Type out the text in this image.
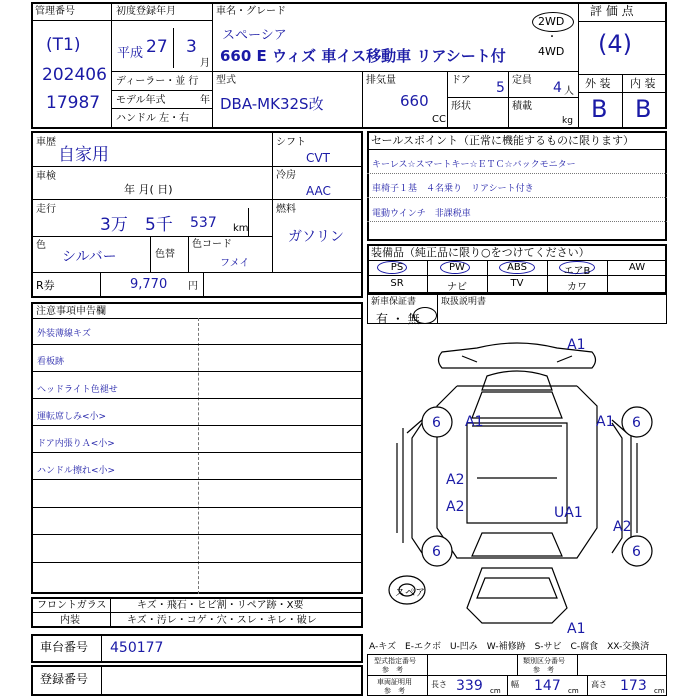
管理番号
(T1)
202406
17987
初度登録年月
平成 27 3
月
車名・グレード
スペーシア
660 E ウィズ 車イス移動車 リアシート付
2WD
・
4WD
評 価 点
(4)
外 装 内 装
B B
ディーラー・並 行
モデル年式	年
ハンドル 左・右
型式
DBA-MK32S改
排気量
660
CC
ドア 5 定員 4 人
形状	積載
kg
車歴
自家用
車検
年 月( 日)
走行
3万 5千 537 km
色
シルバー	色替
色コード
フメイ
シフト
CVT
冷房
AAC
燃料
ガソリン
R券	9,770 円
セールスポイント（正常に機能するものに限ります）
キーレス☆スマートキー☆ＥＴＣ☆バックモニター
車椅子１基　４名乗り　リアシート付き
電動ウインチ　非課税車
装備品（純正品に限り○をつけてください）
PS	PW	ABS	エアB	AW
SR	ナビ	TV	カワ
新車保証書
有 ・ 無
取扱説明書
注意事項申告欄
外装薄線キズ
看板跡
ヘッドライト色褪せ
運転席しみ<小>
ドア内張りＡ<小>
ハンドル擦れ<小>
フロントガラス	キズ・飛石・ヒビ割・リペア跡・X要
内装	キズ・汚レ・コゲ・穴・スレ・キレ・破レ
車台番号 450177
登録番号
A-キズ　E-エクボ　U-凹み　W-補修跡　S-サビ　C-腐食　XX-交換済
型式指定番号
参　考
類別区分番号
参　考
車両証明用
参　考
長さ 339 cm
幅 147 cm
高さ 173 cm
A1
A1	A1
6	6
A2
A2	UA1
A2
6	6
A1
スペア
